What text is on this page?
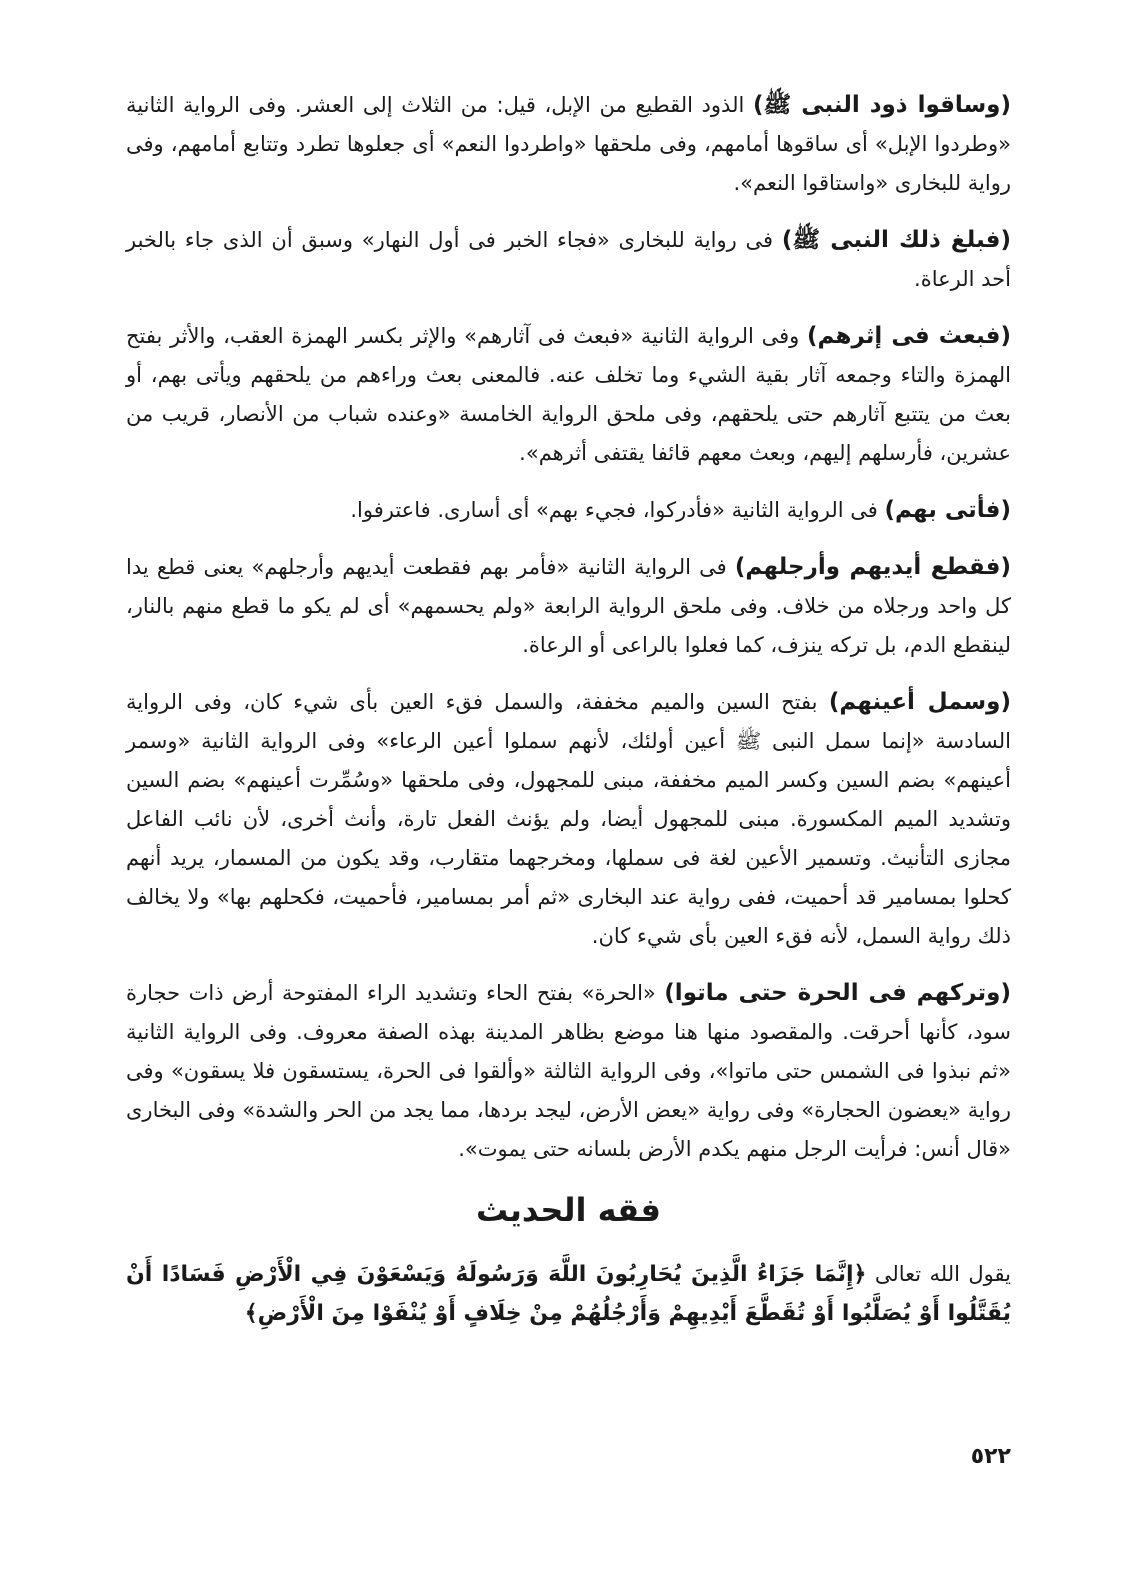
(وساقوا ذود النبى ﷺ) الذود القطيع من الإبل، قيل: من الثلاث إلى العشر. وفى الرواية الثانية «وطردوا الإبل» أى ساقوها أمامهم، وفى ملحقها «واطردوا النعم» أى جعلوها تطرد وتتابع أمامهم، وفى رواية للبخارى «واستاقوا النعم».

(فبلغ ذلك النبى ﷺ) فى رواية للبخارى «فجاء الخبر فى أول النهار» وسبق أن الذى جاء بالخبر أحد الرعاة.

(فبعث فى إثرهم) وفى الرواية الثانية «فبعث فى آثارهم» والإثر بكسر الهمزة العقب، والأثر بفتح الهمزة والتاء وجمعه آثار بقية الشيء وما تخلف عنه. فالمعنى بعث وراءهم من يلحقهم ويأتى بهم، أو بعث من يتتبع آثارهم حتى يلحقهم، وفى ملحق الرواية الخامسة «وعنده شباب من الأنصار، قريب من عشرين، فأرسلهم إليهم، وبعث معهم قائفا يقتفى أثرهم».

(فأتى بهم) فى الرواية الثانية «فأدركوا، فجيء بهم» أى أسارى. فاعترفوا.

(فقطع أيديهم وأرجلهم) فى الرواية الثانية «فأمر بهم فقطعت أيديهم وأرجلهم» يعنى قطع يدا كل واحد ورجلاه من خلاف. وفى ملحق الرواية الرابعة «ولم يحسمهم» أى لم يكو ما قطع منهم بالنار، لينقطع الدم، بل تركه ينزف، كما فعلوا بالراعى أو الرعاة.

(وسمل أعينهم) بفتح السين والميم مخففة، والسمل فقء العين بأى شيء كان، وفى الرواية السادسة «إنما سمل النبى ﷺ أعين أولئك، لأنهم سملوا أعين الرعاء» وفى الرواية الثانية «وسمر أعينهم» بضم السين وكسر الميم مخففة، مبنى للمجهول، وفى ملحقها «وسُمِّرت أعينهم» بضم السين وتشديد الميم المكسورة. مبنى للمجهول أيضا، ولم يؤنث الفعل تارة، وأنث أخرى، لأن نائب الفاعل مجازى التأنيث. وتسمير الأعين لغة فى سملها، ومخرجهما متقارب، وقد يكون من المسمار، يريد أنهم كحلوا بمسامير قد أحميت، ففى رواية عند البخارى «ثم أمر بمسامير، فأحميت، فكحلهم بها» ولا يخالف ذلك رواية السمل، لأنه فقء العين بأى شيء كان.

(وتركهم فى الحرة حتى ماتوا) «الحرة» بفتح الحاء وتشديد الراء المفتوحة أرض ذات حجارة سود، كأنها أحرقت. والمقصود منها هنا موضع بظاهر المدينة بهذه الصفة معروف. وفى الرواية الثانية «ثم نبذوا فى الشمس حتى ماتوا»، وفى الرواية الثالثة «وألقوا فى الحرة، يستسقون فلا يسقون» وفى رواية «يعضون الحجارة» وفى رواية «يعض الأرض، ليجد بردها، مما يجد من الحر والشدة» وفى البخارى «قال أنس: فرأيت الرجل منهم يكدم الأرض بلسانه حتى يموت».

فقه الحديث

يقول الله تعالى ﴿إِنَّمَا جَزَاءُ الَّذِينَ يُحَارِبُونَ اللَّهَ وَرَسُولَهُ وَيَسْعَوْنَ فِي الْأَرْضِ فَسَادًا أَنْ يُقَتَّلُوا أَوْ يُصَلَّبُوا أَوْ تُقَطَّعَ أَيْدِيهِمْ وَأَرْجُلُهُمْ مِنْ خِلَافٍ أَوْ يُنْفَوْا مِنَ الْأَرْضِ﴾

٥٢٢
